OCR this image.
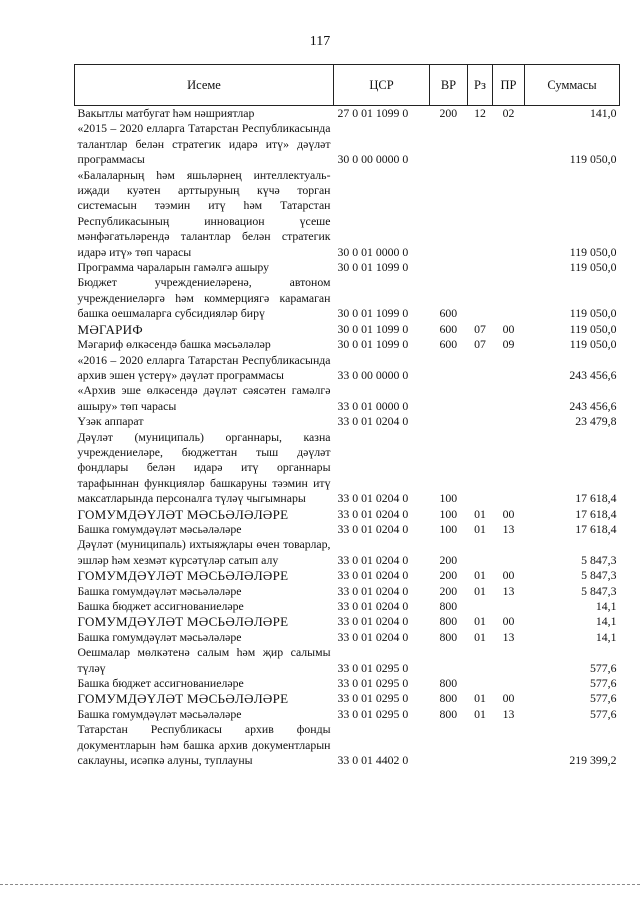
117
Исеме	ЦСР	ВР	Рз	ПР	Суммасы
Вакытлы матбугат һәм нәшриятлар	27 0 01 1099 0	200	12	02	141,0
«2015 – 2020 елларга Татарстан Республикасында талантлар белән стратегик идарә итү» дәүләт программасы	30 0 00 0000 0				119 050,0
«Балаларның һәм яшьләрнең интеллектуаль-иҗади куәтен арттыруның күчә торган системасын тәэмин итү һәм Татарстан Республикасының инновацион үсеше мәнфәгатьләрендә талантлар белән стратегик идарә итү» төп чарасы	30 0 01 0000 0				119 050,0
Программа чараларын гамәлгә ашыру	30 0 01 1099 0				119 050,0
Бюджет учреждениеләренә, автоном учреждениеләргә һәм коммерциягә карамаган башка оешмаларга субсидияләр бирү	30 0 01 1099 0	600			119 050,0
МӘГАРИФ	30 0 01 1099 0	600	07	00	119 050,0
Мәгариф өлкәсендә башка мәсьәләләр	30 0 01 1099 0	600	07	09	119 050,0
«2016 – 2020 елларга Татарстан Республикасында архив эшен үстерү» дәүләт программасы	33 0 00 0000 0				243 456,6
«Архив эше өлкәсендә дәүләт сәясәтен гамәлгә ашыру» төп чарасы	33 0 01 0000 0				243 456,6
Үзәк аппарат	33 0 01 0204 0				23 479,8
Дәүләт (муниципаль) органнары, казна учреждениеләре, бюджеттан тыш дәүләт фондлары белән идарә итү органнары тарафыннан функцияләр башкаруны тәэмин итү максатларында персоналга түләү чыгымнары	33 0 01 0204 0	100			17 618,4
ГОМУМДӘҮЛӘТ МӘСЬӘЛӘЛӘРЕ	33 0 01 0204 0	100	01	00	17 618,4
Башка гомумдәүләт мәсьәләләре	33 0 01 0204 0	100	01	13	17 618,4
Дәүләт (муниципаль) ихтыяҗлары өчен товарлар, эшләр һәм хезмәт күрсәтүләр сатып алу	33 0 01 0204 0	200			5 847,3
ГОМУМДӘҮЛӘТ МӘСЬӘЛӘЛӘРЕ	33 0 01 0204 0	200	01	00	5 847,3
Башка гомумдәүләт мәсьәләләре	33 0 01 0204 0	200	01	13	5 847,3
Башка бюджет ассигнованиеләре	33 0 01 0204 0	800			14,1
ГОМУМДӘҮЛӘТ МӘСЬӘЛӘЛӘРЕ	33 0 01 0204 0	800	01	00	14,1
Башка гомумдәүләт мәсьәләләре	33 0 01 0204 0	800	01	13	14,1
Оешмалар мөлкәтенә салым һәм җир салымы түләү	33 0 01 0295 0				577,6
Башка бюджет ассигнованиеләре	33 0 01 0295 0	800			577,6
ГОМУМДӘҮЛӘТ МӘСЬӘЛӘЛӘРЕ	33 0 01 0295 0	800	01	00	577,6
Башка гомумдәүләт мәсьәләләре	33 0 01 0295 0	800	01	13	577,6
Татарстан Республикасы архив фонды документларын һәм башка архив документларын саклауны, исәпкә алуны, туплауны	33 0 01 4402 0				219 399,2
